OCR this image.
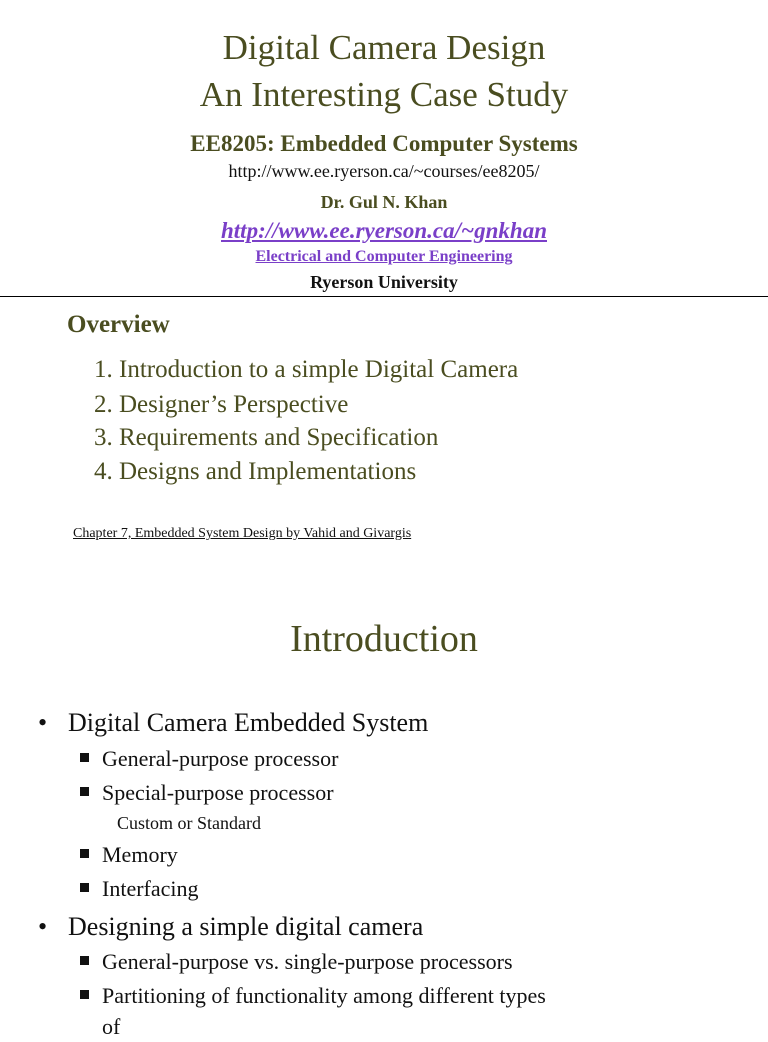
Digital Camera Design
An Interesting Case Study
EE8205: Embedded Computer Systems
http://www.ee.ryerson.ca/~courses/ee8205/
Dr. Gul N. Khan
http://www.ee.ryerson.ca/~gnkhan
Electrical and Computer Engineering
Ryerson University
Overview
1. Introduction to a simple Digital Camera
2. Designer’s Perspective
3. Requirements and Specification
4. Designs and Implementations
Chapter 7, Embedded System Design by Vahid and Givargis
Introduction
• Digital Camera Embedded System
General-purpose processor
Special-purpose processor
Custom or Standard
Memory
Interfacing
• Designing a simple digital camera
General-purpose vs. single-purpose processors
Partitioning of functionality among different types
of
